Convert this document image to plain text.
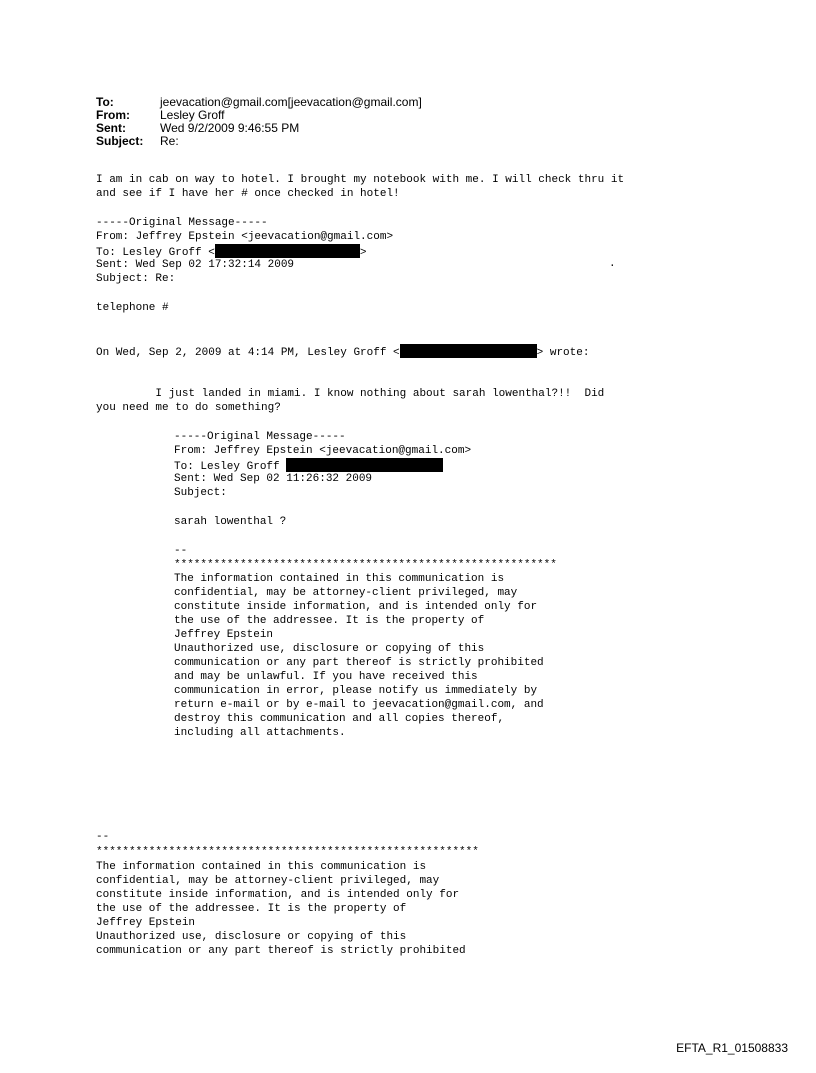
To:	jeevacation@gmail.com[jeevacation@gmail.com]
From:	Lesley Groff
Sent:	Wed 9/2/2009 9:46:55 PM
Subject:	Re:
I am in cab on way to hotel. I brought my notebook with me. I will check thru it
and see if I have her # once checked in hotel!
-----Original Message-----
From: Jeffrey Epstein <jeevacation@gmail.com>
To: Lesley Groff <	>
Sent: Wed Sep 02 17:32:14 2009	.
Subject: Re:
telephone #
On Wed, Sep 2, 2009 at 4:14 PM, Lesley Groff <	> wrote:
I just landed in miami. I know nothing about sarah lowenthal?!!  Did
you need me to do something?
-----Original Message-----
From: Jeffrey Epstein <jeevacation@gmail.com>
To: Lesley Groff
Sent: Wed Sep 02 11:26:32 2009
Subject:
sarah lowenthal ?
--
**********************************************************
The information contained in this communication is
confidential, may be attorney-client privileged, may
constitute inside information, and is intended only for
the use of the addressee. It is the property of
Jeffrey Epstein
Unauthorized use, disclosure or copying of this
communication or any part thereof is strictly prohibited
and may be unlawful. If you have received this
communication in error, please notify us immediately by
return e-mail or by e-mail to jeevacation@gmail.com, and
destroy this communication and all copies thereof,
including all attachments.
--
**********************************************************
The information contained in this communication is
confidential, may be attorney-client privileged, may
constitute inside information, and is intended only for
the use of the addressee. It is the property of
Jeffrey Epstein
Unauthorized use, disclosure or copying of this
communication or any part thereof is strictly prohibited
EFTA_R1_01508833
